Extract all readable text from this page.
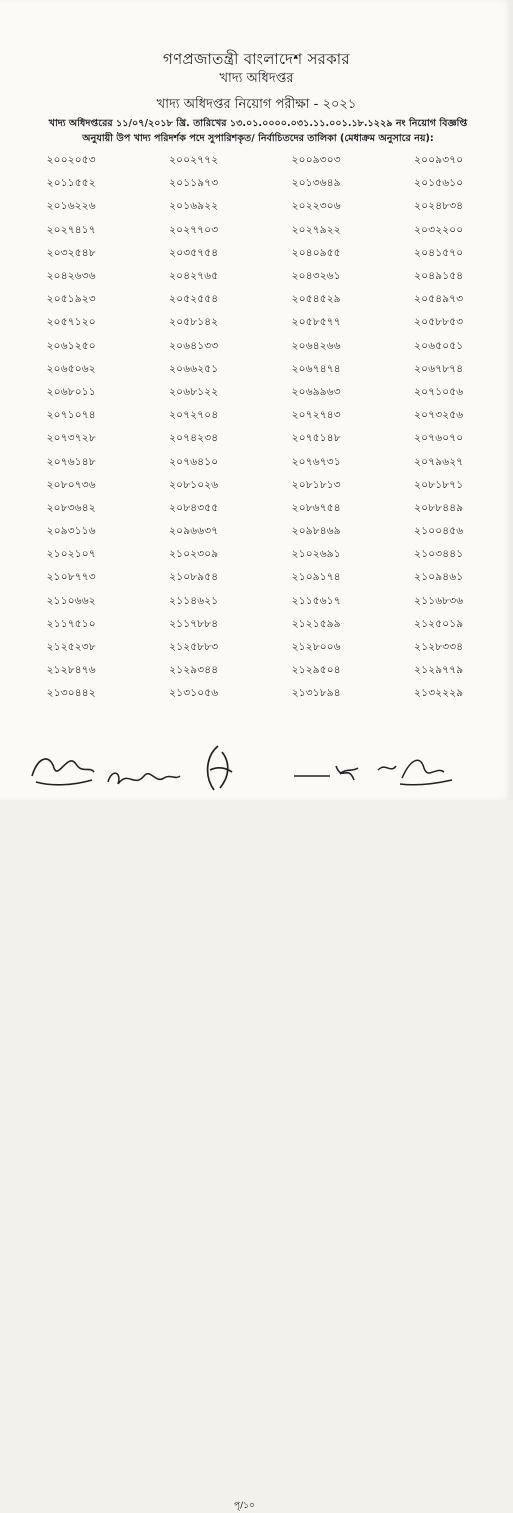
গণপ্রজাতন্ত্রী বাংলাদেশ সরকার
খাদ্য অধিদপ্তর
খাদ্য অধিদপ্তর নিয়োগ পরীক্ষা - ২০২১
খাদ্য অধিদপ্তরের ১১/০৭/২০১৮ খ্রি. তারিখের ১৩.০১.০০০০.০৩১.১১.০০১.১৮.১২২৯ নং নিয়োগ বিজ্ঞপ্তি
অনুযায়ী উপ খাদ্য পরিদর্শক পদে সুপারিশকৃত/ নির্বাচিতদের তালিকা (মেধাক্রম অনুসারে নয়):
২০০২০৫৩	২০০২৭৭২	২০০৯৩০৩	২০০৯৩৭০
২০১১৫৫২	২০১১৯৭৩	২০১৩৬৪৯	২০১৫৬১০
২০১৬২২৬	২০১৬৯২২	২০২২৩০৬	২০২৪৮৩৪
২০২৭৪১৭	২০২৭৭০৩	২০২৭৯২২	২০৩২২০০
২০৩২৫৪৮	২০৩৫৭৫৪	২০৪০৯৫৫	২০৪১৫৭০
২০৪২৬৩৬	২০৪২৭৬৫	২০৪৩২৬১	২০৪৯১৫৪
২০৫১৯২৩	২০৫২৫৫৪	২০৫৪৫২৯	২০৫৪৯৭৩
২০৫৭১২০	২০৫৮১৪২	২০৫৮৫৭৭	২০৫৮৮৫৩
২০৬১২৫০	২০৬৪১৩৩	২০৬৪২৬৬	২০৬৫০৫১
২০৬৫০৬২	২০৬৬২৫১	২০৬৭৪৭৪	২০৬৭৮৭৪
২০৬৮০১১	২০৬৮১২২	২০৬৯৯৬৩	২০৭১০৫৬
২০৭১০৭৪	২০৭২৭০৪	২০৭২৭৪৩	২০৭৩২৫৬
২০৭৩৭২৮	২০৭৪২৩৪	২০৭৫১৪৮	২০৭৬০৭০
২০৭৬১৪৮	২০৭৬৪১০	২০৭৬৭৩১	২০৭৯৬২৭
২০৮০৭৩৬	২০৮১০২৬	২০৮১৮১৩	২০৮১৮৭১
২০৮৩৬৪২	২০৮৪৩৫৫	২০৮৬৭৫৪	২০৮৮৪৪৯
২০৯৩১১৬	২০৯৬৬৩৭	২০৯৮৪৬৯	২১০০৪৫৬
২১০২১০৭	২১০২৩০৯	২১০২৬৯১	২১০৩৪৪১
২১০৮৭৭৩	২১০৮৯৫৪	২১০৯১৭৪	২১০৯৪৬১
২১১০৬৬২	২১১৪৬২১	২১১৫৬১৭	২১১৬৮৩৬
২১১৭৫১০	২১১৭৮৮৪	২১২১৫৯৯	২১২৫০১৯
২১২৫২৩৮	২১২৫৮৮৩	২১২৮০০৬	২১২৮৩৩৪
২১২৮৪৭৬	২১২৯৩৪৪	২১২৯৫০৪	২১২৯৭৭৯
২১৩০৪৪২	২১৩১০৫৬	২১৩১৮৯৪	২১৩২২২৯
পৃ/১০
